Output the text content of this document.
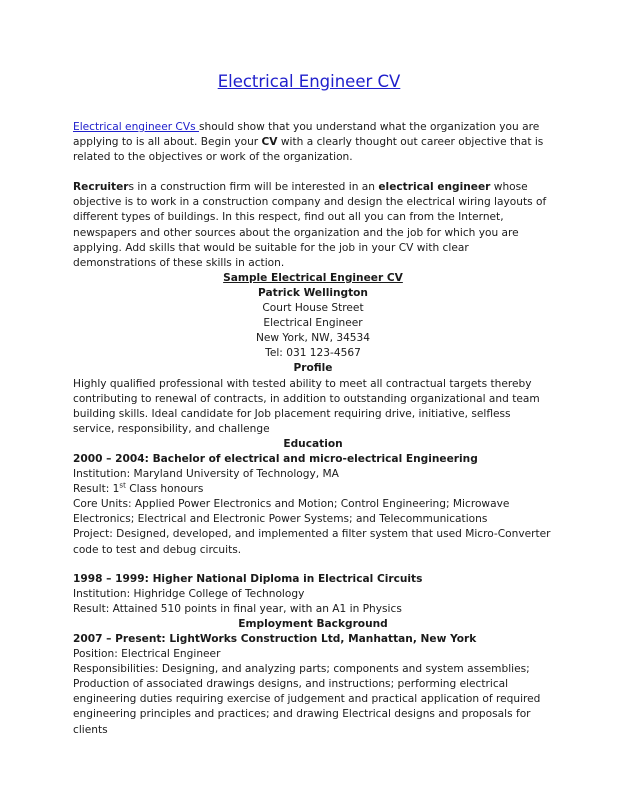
Electrical Engineer CV

Electrical engineer CVs should show that you understand what the organization you are applying to is all about. Begin your CV with a clearly thought out career objective that is related to the objectives or work of the organization.

Recruiters in a construction firm will be interested in an electrical engineer whose objective is to work in a construction company and design the electrical wiring layouts of different types of buildings. In this respect, find out all you can from the Internet, newspapers and other sources about the organization and the job for which you are applying. Add skills that would be suitable for the job in your CV with clear demonstrations of these skills in action.

Sample Electrical Engineer CV

Patrick Wellington

Court House Street

Electrical Engineer

New York, NW, 34534

Tel: 031 123-4567

Profile

Highly qualified professional with tested ability to meet all contractual targets thereby contributing to renewal of contracts, in addition to outstanding organizational and team building skills. Ideal candidate for Job placement requiring drive, initiative, selfless service, responsibility, and challenge

Education

2000 – 2004: Bachelor of electrical and micro-electrical Engineering

Institution: Maryland University of Technology, MA

Result: 1st Class honours

Core Units: Applied Power Electronics and Motion; Control Engineering; Microwave Electronics; Electrical and Electronic Power Systems; and Telecommunications

Project: Designed, developed, and implemented a filter system that used Micro-Converter code to test and debug circuits.

1998 – 1999: Higher National Diploma in Electrical Circuits

Institution: Highridge College of Technology

Result: Attained 510 points in final year, with an A1 in Physics

Employment Background

2007 – Present: LightWorks Construction Ltd, Manhattan, New York

Position: Electrical Engineer

Responsibilities: Designing, and analyzing parts; components and system assemblies; Production of associated drawings designs, and instructions; performing electrical engineering duties requiring exercise of judgement and practical application of required engineering principles and practices; and drawing Electrical designs and proposals for clients
